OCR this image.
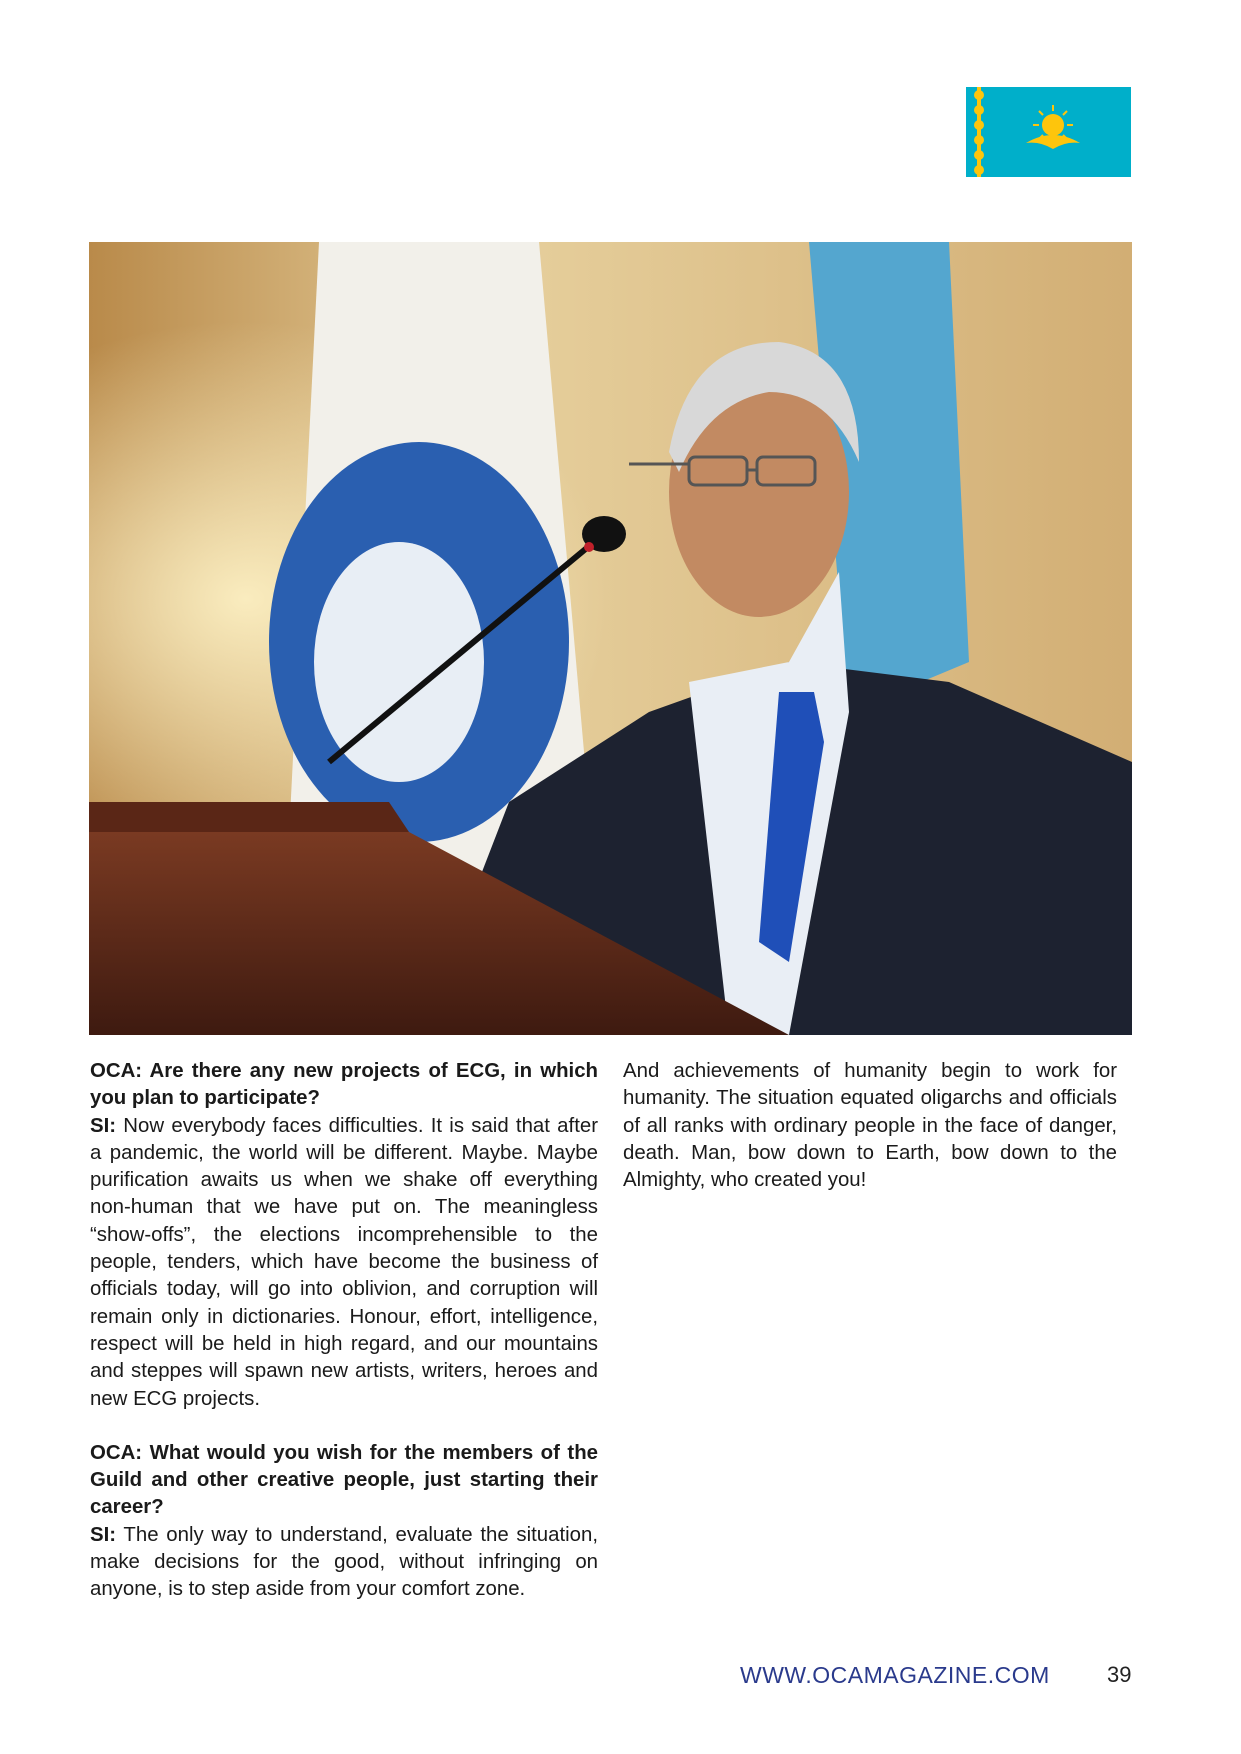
OCA: Are there any new projects of ECG, in which you plan to participate?

SI: Now everybody faces difficulties. It is said that after a pandemic, the world will be different. Maybe. Maybe purification awaits us when we shake off everything non-human that we have put on. The meaningless “show-offs”, the elections incomprehensible to the people, tenders, which have become the business of officials today, will go into oblivion, and corruption will remain only in dictionaries. Honour, effort, intelligence, respect will be held in high regard, and our mountains and steppes will spawn new artists, writers, heroes and new ECG projects.

OCA: What would you wish for the members of the Guild and other creative people, just starting their career?

SI: The only way to understand, evaluate the situation, make decisions for the good, without infringing on anyone, is to step aside from your comfort zone.

And achievements of humanity begin to work for humanity. The situation equated oligarchs and officials of all ranks with ordinary people in the face of danger, death. Man, bow down to Earth, bow down to the Almighty, who created you!

WWW.OCAMAGAZINE.COM	39
